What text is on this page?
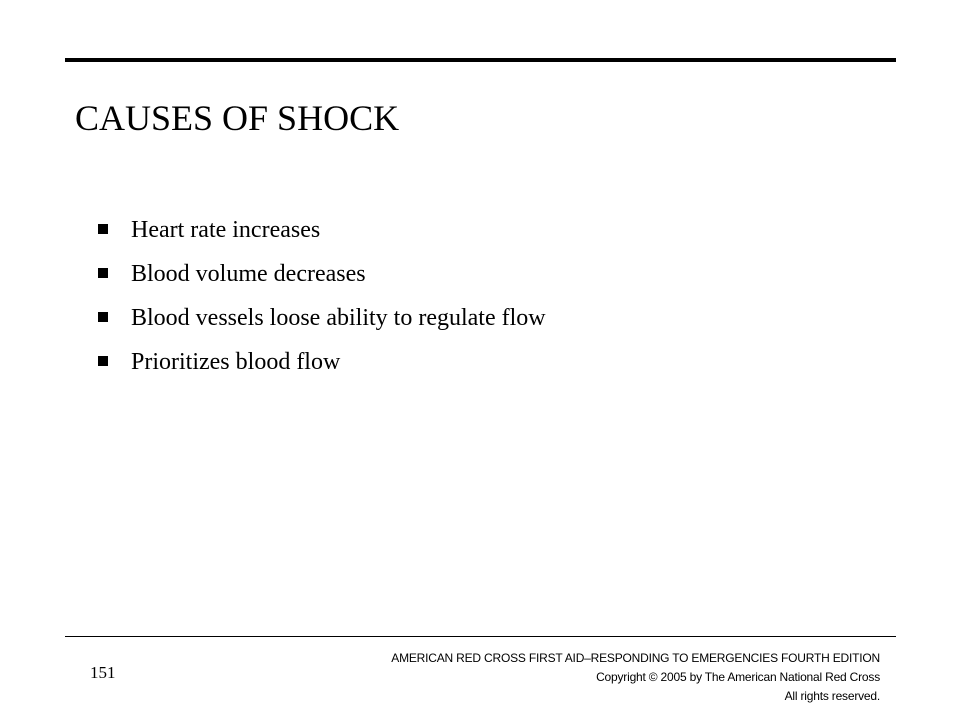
CAUSES OF SHOCK
Heart rate increases
Blood volume decreases
Blood vessels loose ability to regulate flow
Prioritizes blood flow
151
AMERICAN RED CROSS FIRST AID–RESPONDING TO EMERGENCIES FOURTH EDITION
Copyright © 2005 by The American National Red Cross
All rights reserved.
